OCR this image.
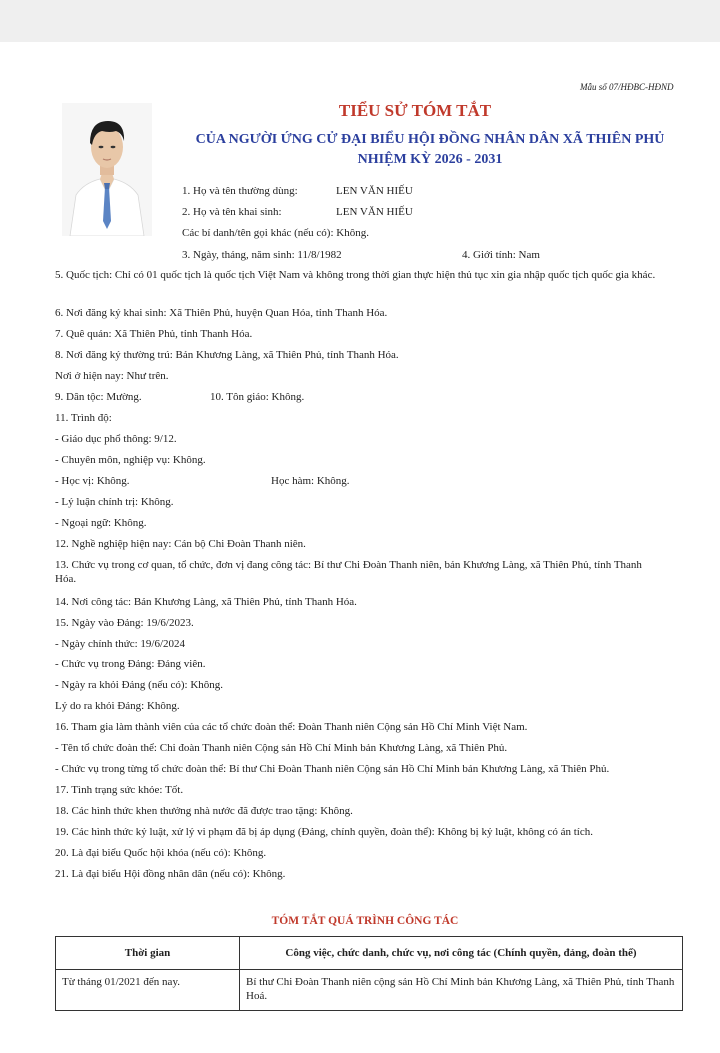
Mẫu số 07/HĐBC-HĐND
TIỂU SỬ TÓM TẮT
CỦA NGƯỜI ỨNG CỬ ĐẠI BIỂU HỘI ĐỒNG NHÂN DÂN XÃ THIÊN PHỦ
NHIỆM KỲ 2026 - 2031
1. Họ và tên thường dùng:	LEN VĂN HIẾU
2. Họ và tên khai sinh:	LEN VĂN HIẾU
Các bí danh/tên gọi khác (nếu có): Không.
3. Ngày, tháng, năm sinh: 11/8/1982	4. Giới tính: Nam
5. Quốc tịch: Chỉ có 01 quốc tịch là quốc tịch Việt Nam và không trong thời gian thực hiện thủ tục xin gia nhập quốc tịch quốc gia khác.
6. Nơi đăng ký khai sinh: Xã Thiên Phủ, huyện Quan Hóa, tỉnh Thanh Hóa.
7. Quê quán: Xã Thiên Phủ, tỉnh Thanh Hóa.
8. Nơi đăng ký thường trú: Bản Khương Làng, xã Thiên Phủ, tỉnh Thanh Hóa.
Nơi ở hiện nay: Như trên.
9. Dân tộc: Mường.	10. Tôn giáo: Không.
11. Trình độ:
- Giáo dục phổ thông: 9/12.
- Chuyên môn, nghiệp vụ: Không.
- Học vị: Không.	Học hàm: Không.
- Lý luận chính trị: Không.
- Ngoại ngữ: Không.
12. Nghề nghiệp hiện nay: Cán bộ Chi Đoàn Thanh niên.
13. Chức vụ trong cơ quan, tổ chức, đơn vị đang công tác: Bí thư Chi Đoàn Thanh niên, bản Khương Làng, xã Thiên Phủ, tỉnh Thanh Hóa.
14. Nơi công tác: Bản Khương Làng, xã Thiên Phủ, tỉnh Thanh Hóa.
15. Ngày vào Đảng: 19/6/2023.
- Ngày chính thức: 19/6/2024
- Chức vụ trong Đảng: Đảng viên.
- Ngày ra khỏi Đảng (nếu có): Không.
Lý do ra khỏi Đảng: Không.
16. Tham gia làm thành viên của các tổ chức đoàn thể: Đoàn Thanh niên Cộng sản Hồ Chí Minh Việt Nam.
- Tên tổ chức đoàn thể: Chi đoàn Thanh niên Cộng sản Hồ Chí Minh bản Khương Làng, xã Thiên Phủ.
- Chức vụ trong từng tổ chức đoàn thể: Bí thư Chi Đoàn Thanh niên Cộng sản Hồ Chí Minh bản Khương Làng, xã Thiên Phủ.
17. Tình trạng sức khỏe: Tốt.
18. Các hình thức khen thưởng nhà nước đã được trao tặng: Không.
19. Các hình thức kỷ luật, xử lý vi phạm đã bị áp dụng (Đảng, chính quyền, đoàn thể): Không bị kỷ luật, không có án tích.
20. Là đại biểu Quốc hội khóa (nếu có): Không.
21. Là đại biểu Hội đồng nhân dân (nếu có): Không.
TÓM TẮT QUÁ TRÌNH CÔNG TÁC
Thời gian	Công việc, chức danh, chức vụ, nơi công tác (Chính quyền, đảng, đoàn thể)
Từ tháng 01/2021 đến nay.	Bí thư Chi Đoàn Thanh niên cộng sản Hồ Chí Minh bản Khương Làng, xã Thiên Phủ, tỉnh Thanh Hoá.
